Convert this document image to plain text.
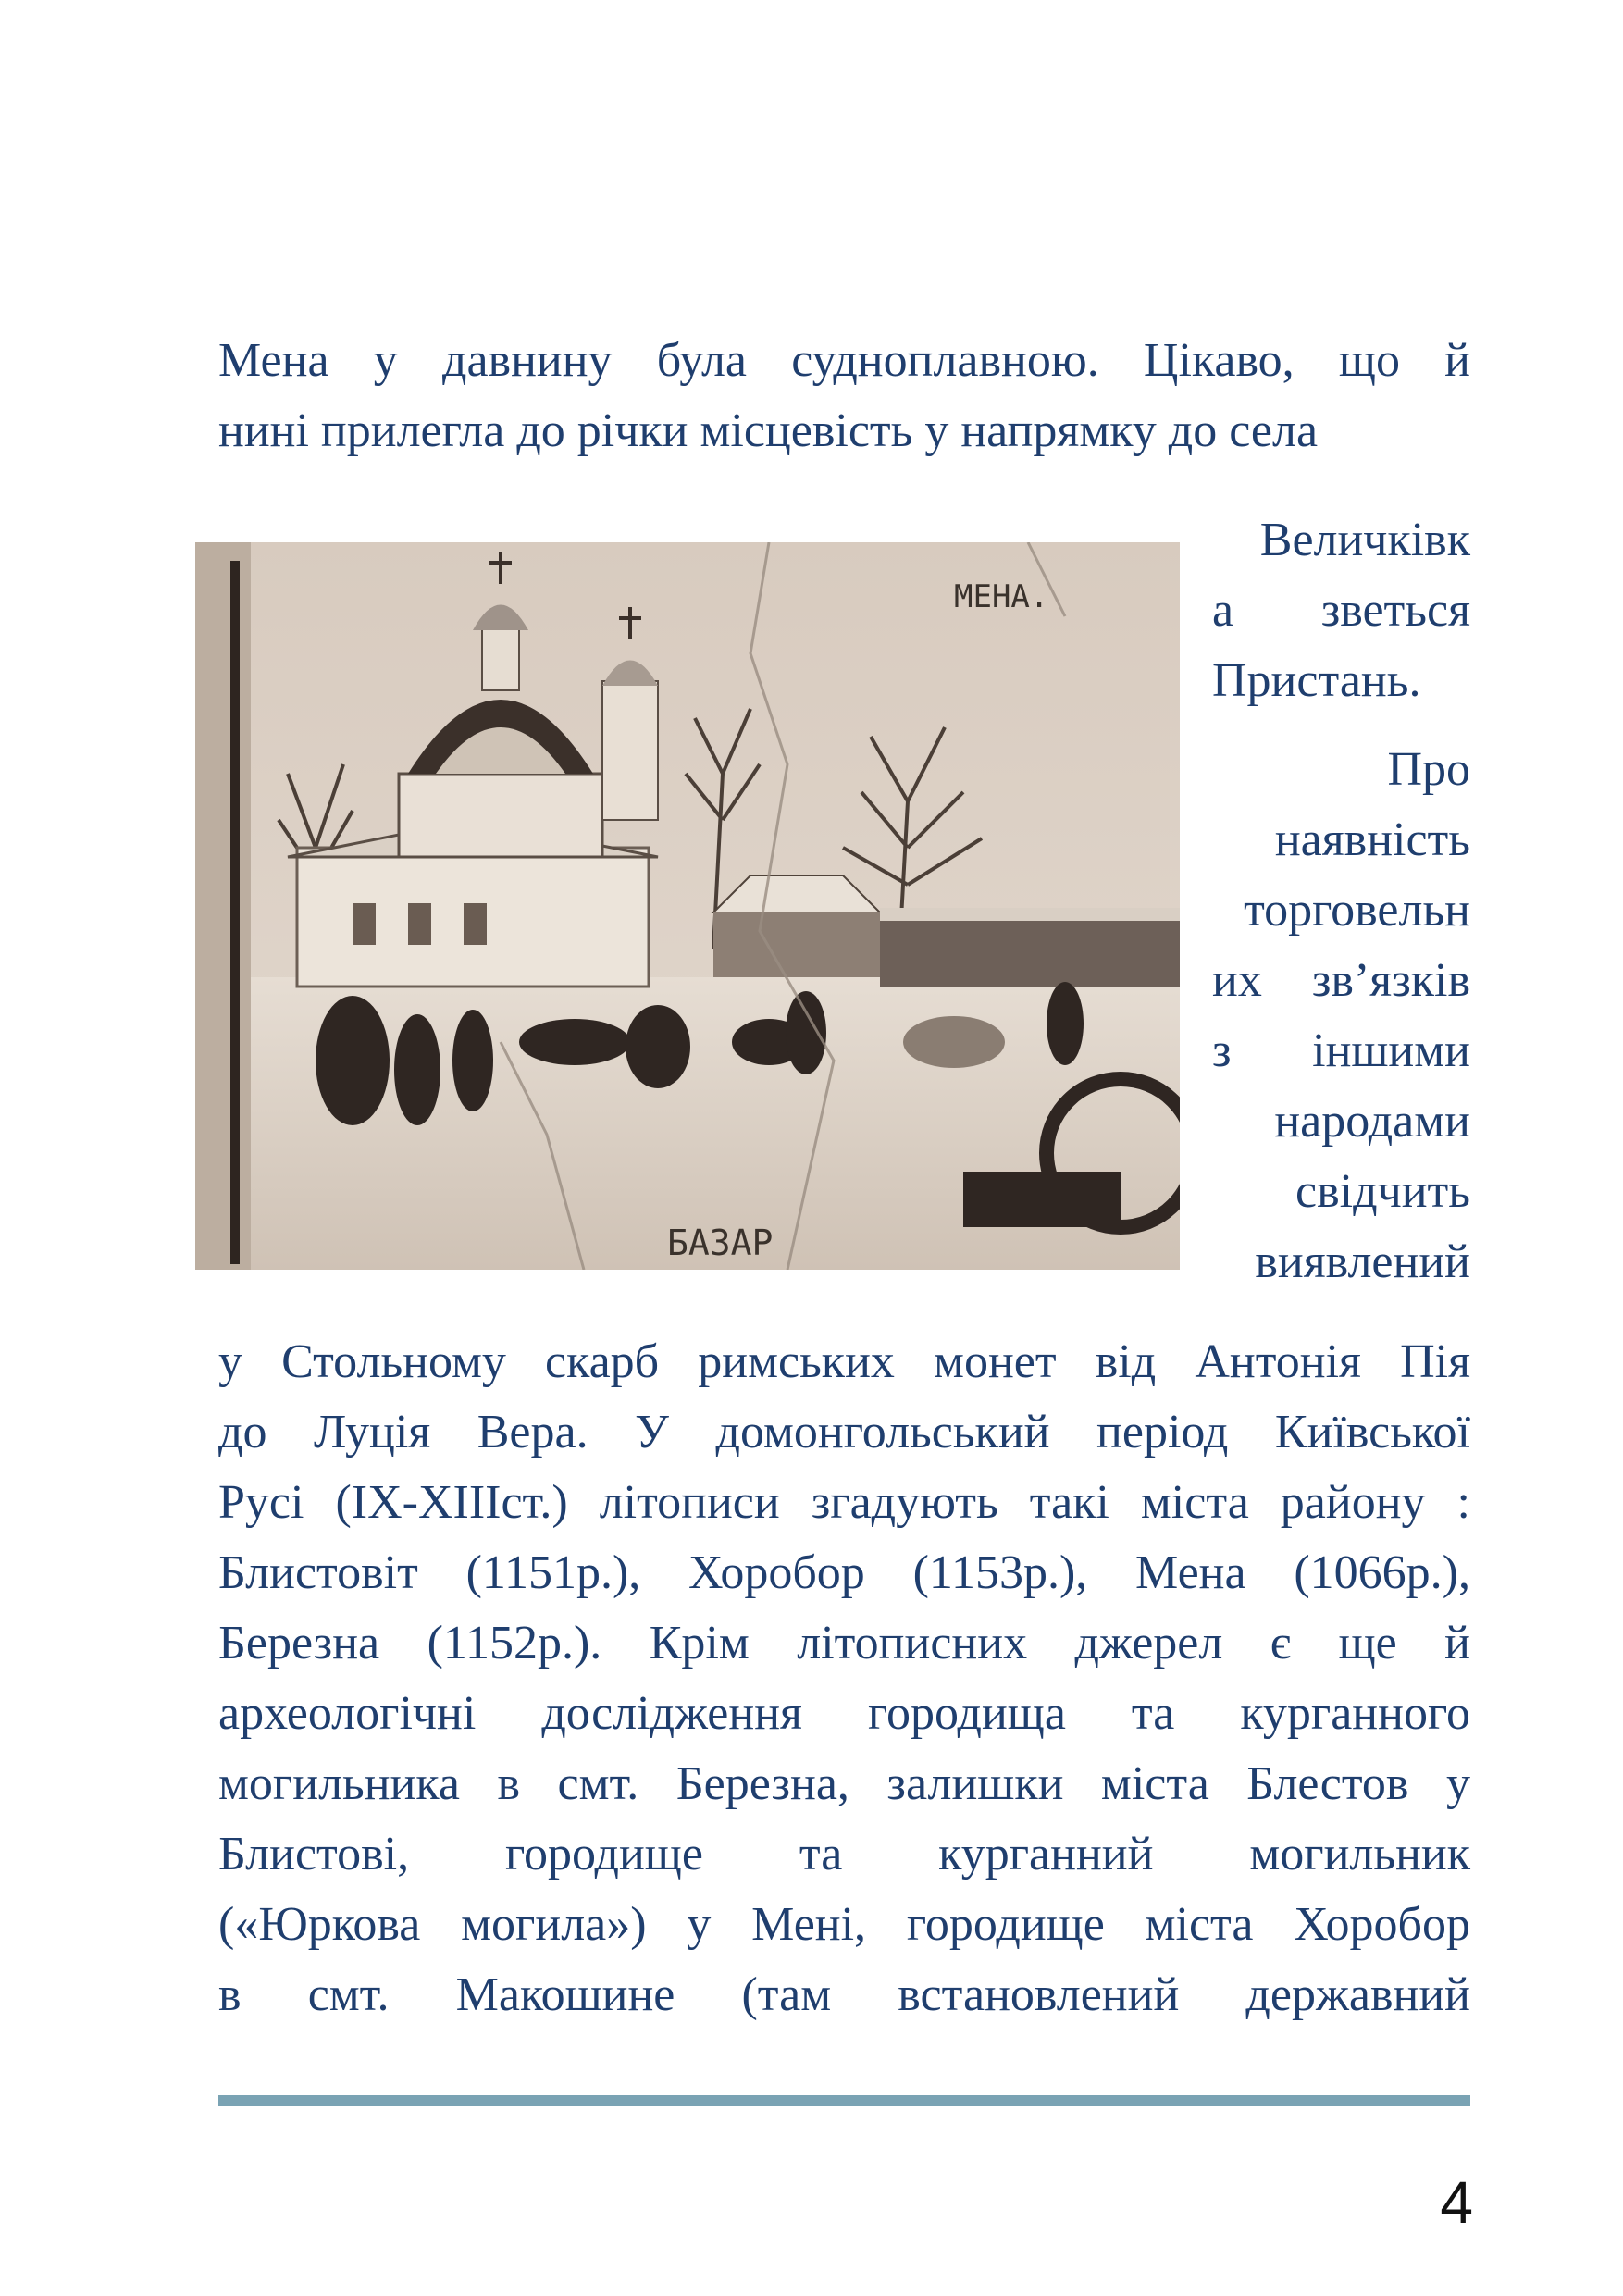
Мена у давнину була судноплавною. Цікаво, що й
нині прилегла до річки місцевість у напрямку до села
МЕНА.
БАЗАР
Величківк
а зветься
Пристань.
Про
наявність
торговельн
их зв’язків
з іншими
народами
свідчить
виявлений
у Стольному скарб римських монет від Антонія Пія
до Луція Вера. У домонгольський період Київської
Русі (IX-XIIIст.) літописи згадують такі міста району :
Блистовіт (1151р.), Хоробор (1153р.), Мена (1066р.),
Березна (1152р.). Крім літописних джерел є ще й
археологічні дослідження городища та курганного
могильника в смт. Березна, залишки міста Блестов у
Блистові, городище та курганний могильник
(«Юркова могила») у Мені, городище міста Хоробор
в смт. Макошине (там встановлений державний
4
